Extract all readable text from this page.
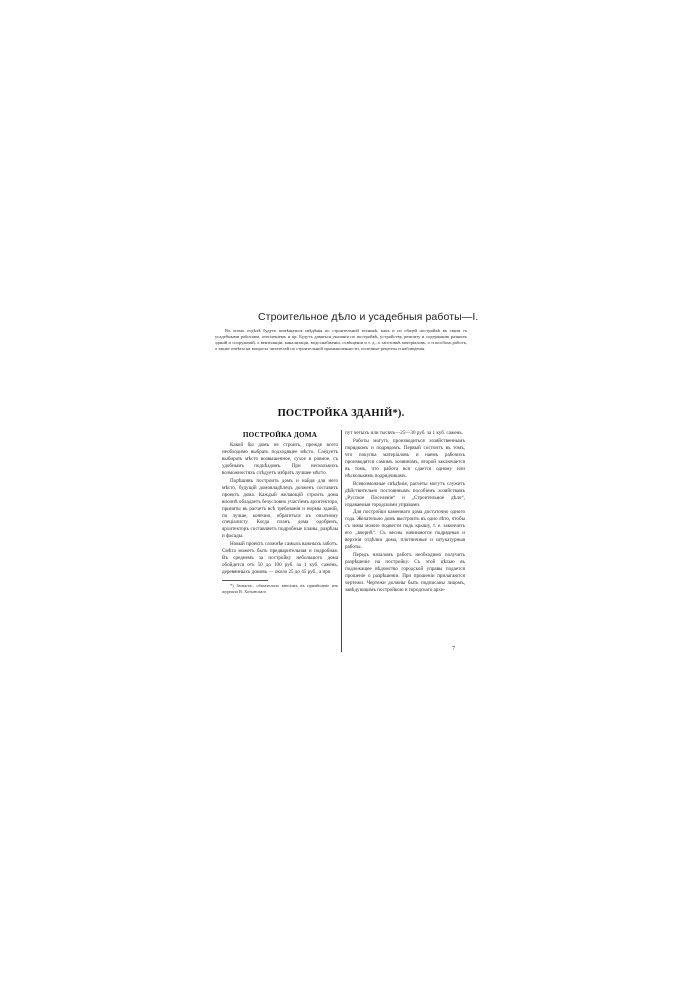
Строительное дѣло и усадебныя работы—I.
Въ этомъ отдѣлѣ будутъ помѣщаться свѣдѣнія по строительной техникѣ, какъ и по общей постройкѣ въ связи съ усадебными работами, отопленіемъ и пр. Будутъ даваться указанія по постройкѣ, устройству, ремонту и содержанію разныхъ зданій и сооруженій, о вентиляціи, канализаціи, водоснабженіи, освѣщеніи и т. д., о заготовкѣ матеріаловъ, о способахъ работъ, а также отвѣты на вопросы читателей по строительной промышленности, полезные рецепты и наблюденія.
ПОСТРОЙКА ЗДАНІЙ*).
ПОСТРОЙКА ДОМА

Какой бы домъ не строить, прежде всего необходимо выбрать подходящее мѣсто. Следуетъ выбирать мѣсто возвышенное, сухое и ровное, съ удобнымъ подъѣздомъ. При несколькихъ возможностяхъ слѣдуетъ избрать лучшее мѣсто.

Порѣшивъ построить домъ и найдя для него мѣсто, будущій домовладѣлецъ долженъ составить проектъ дома. Каждый желающій строить дома вполнѣ обладаетъ безусловно участіемъ архитектора, приняты въ расчетъ всѣ требованія и нормы зданій, по лучше, конечно, обратиться къ опытному спеціалисту. Когда планъ дома одобренъ, архитекторъ составляетъ подробные планы, разрѣзы и фасады.

Новый проектъ сложнѣе самыхъ важныхъ заботъ. Смѣта можетъ быть предварительная и подробная. Въ среднемъ за постройку небольшого дома обойдется отъ 50 до 100 руб. за 1 куб. сажень, деревянныхъ домовъ — около 25 до 45 руб., а при

*) Заимств., обязательно вносимъ въ примѣчаніе изъ журнала В. Хотынскаго

пут четыхъ или тысячъ—25—30 руб. за 1 куб. сажень.

Работы могутъ производиться хозяйственнымъ порядкомъ и подрядомъ. Первый состоитъ въ томъ, что покупка матеріаловъ и наемъ рабочихъ производятся самимъ хозяиномъ, второй заключается въ томъ, что работа вся сдается одному или нѣсколькимъ подрядчикамъ.

Всевозможные свѣдѣнія, расчеты могутъ служить дѣйствительно постояннымъ пособіемъ хозяйствамъ „Русское Поселеніе“ и „Строительное дѣло“, издаваемыя городскими управами.

Для постройки каменнаго дома достаточно одного года. Желательно домъ выстроить въ одно лѣто, чтобы съ зимы можно подвести подъ крышу, т. е. закончить его „вчернѣ“. Съ весны начинаются подрядныя и верхнія отдѣлки дома, плотничные и штукатурныя работы.

Передъ началомъ работъ необходимо получить разрѣшеніе на постройку. Съ этой цѣлью въ подлежащее вѣдомство городской управы подается прошеніе о разрѣшеніи. При прошеніи прилагаются чертежи. Чертежи должны быть подписаны лицомъ, завѣдующимъ постройкою и городскаго архи-

7
